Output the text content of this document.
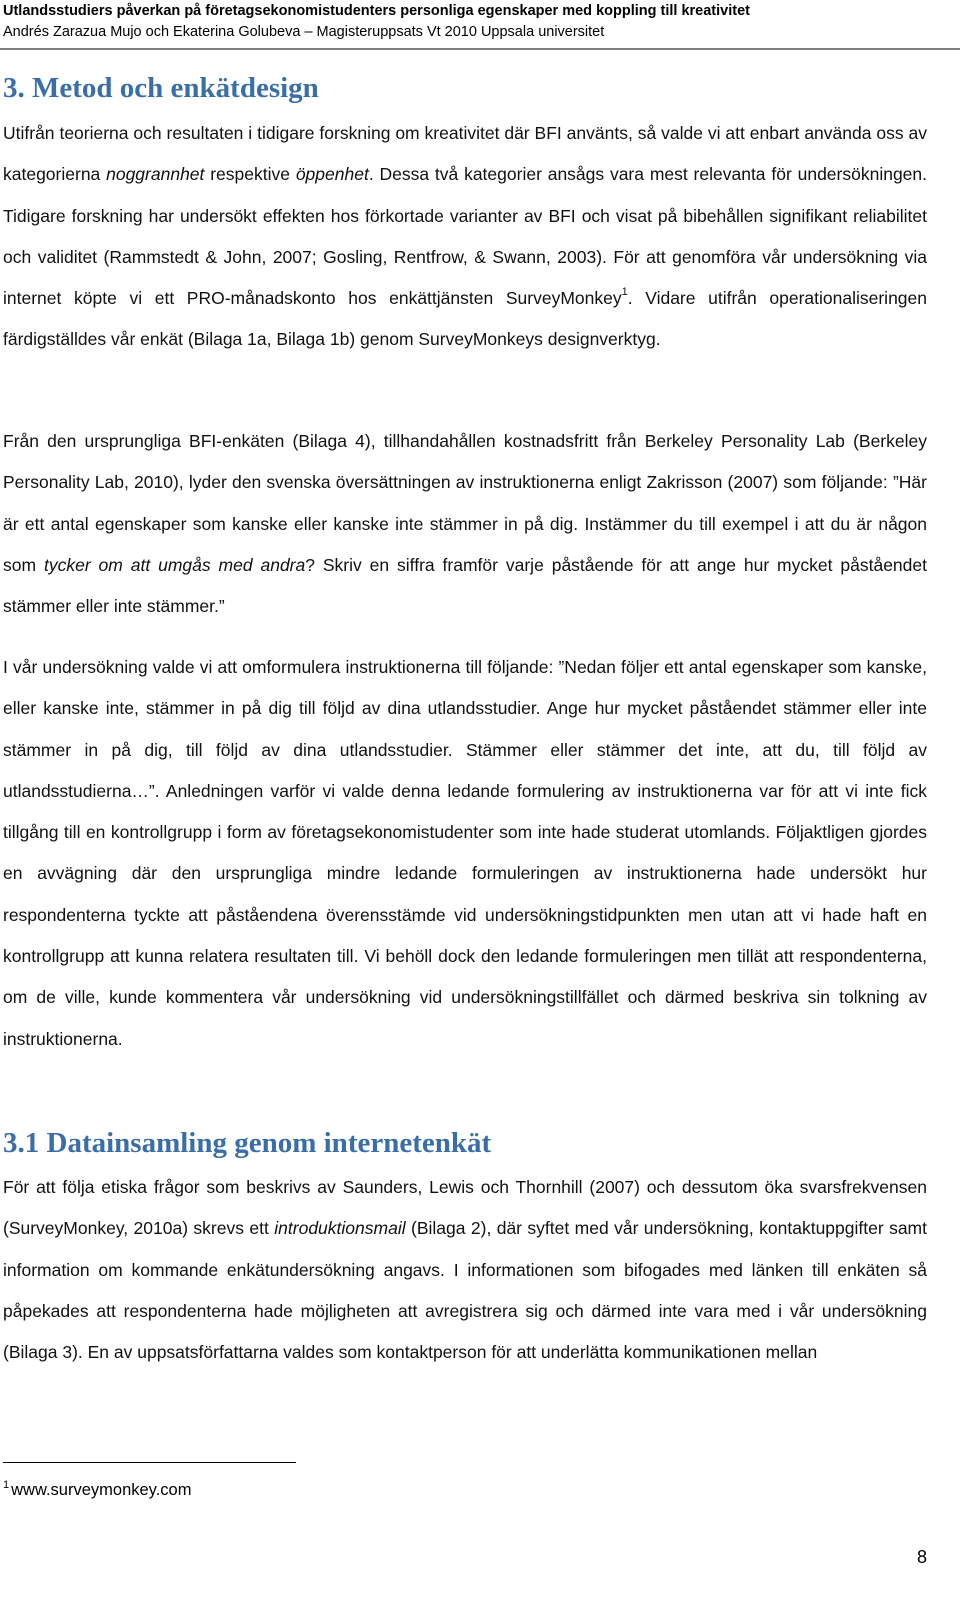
Utlandsstudiers påverkan på företagsekonomistudenters personliga egenskaper med koppling till kreativitet
Andrés Zarazua Mujo och Ekaterina Golubeva – Magisteruppsats Vt 2010 Uppsala universitet
3. Metod och enkätdesign

Utifrån teorierna och resultaten i tidigare forskning om kreativitet där BFI använts, så valde vi att enbart använda oss av kategorierna noggrannhet respektive öppenhet. Dessa två kategorier ansågs vara mest relevanta för undersökningen. Tidigare forskning har undersökt effekten hos förkortade varianter av BFI och visat på bibehållen signifikant reliabilitet och validitet (Rammstedt & John, 2007; Gosling, Rentfrow, & Swann, 2003). För att genomföra vår undersökning via internet köpte vi ett PRO-månadskonto hos enkättjänsten SurveyMonkey$^1$. Vidare utifrån operationaliseringen färdigställdes vår enkät (Bilaga 1a, Bilaga 1b) genom SurveyMonkeys designverktyg.

Från den ursprungliga BFI-enkäten (Bilaga 4), tillhandahållen kostnadsfritt från Berkeley Personality Lab (Berkeley Personality Lab, 2010), lyder den svenska översättningen av instruktionerna enligt Zakrisson (2007) som följande: ”Här är ett antal egenskaper som kanske eller kanske inte stämmer in på dig. Instämmer du till exempel i att du är någon som tycker om att umgås med andra? Skriv en siffra framför varje påstående för att ange hur mycket påståendet stämmer eller inte stämmer.”

I vår undersökning valde vi att omformulera instruktionerna till följande: ”Nedan följer ett antal egenskaper som kanske, eller kanske inte, stämmer in på dig till följd av dina utlandsstudier. Ange hur mycket påståendet stämmer eller inte stämmer in på dig, till följd av dina utlandsstudier. Stämmer eller stämmer det inte, att du, till följd av utlandsstudierna…”. Anledningen varför vi valde denna ledande formulering av instruktionerna var för att vi inte fick tillgång till en kontrollgrupp i form av företagsekonomistudenter som inte hade studerat utomlands. Följaktligen gjordes en avvägning där den ursprungliga mindre ledande formuleringen av instruktionerna hade undersökt hur respondenterna tyckte att påståendena överensstämde vid undersökningstidpunkten men utan att vi hade haft en kontrollgrupp att kunna relatera resultaten till. Vi behöll dock den ledande formuleringen men tillät att respondenterna, om de ville, kunde kommentera vår undersökning vid undersökningstillfället och därmed beskriva sin tolkning av instruktionerna.

3.1 Datainsamling genom internetenkät

För att följa etiska frågor som beskrivs av Saunders, Lewis och Thornhill (2007) och dessutom öka svarsfrekvensen (SurveyMonkey, 2010a) skrevs ett introduktionsmail (Bilaga 2), där syftet med vår undersökning, kontaktuppgifter samt information om kommande enkätundersökning angavs. I informationen som bifogades med länken till enkäten så påpekades att respondenterna hade möjligheten att avregistrera sig och därmed inte vara med i vår undersökning (Bilaga 3). En av uppsatsförfattarna valdes som kontaktperson för att underlätta kommunikationen mellan

$^1$ www.surveymonkey.com
8
